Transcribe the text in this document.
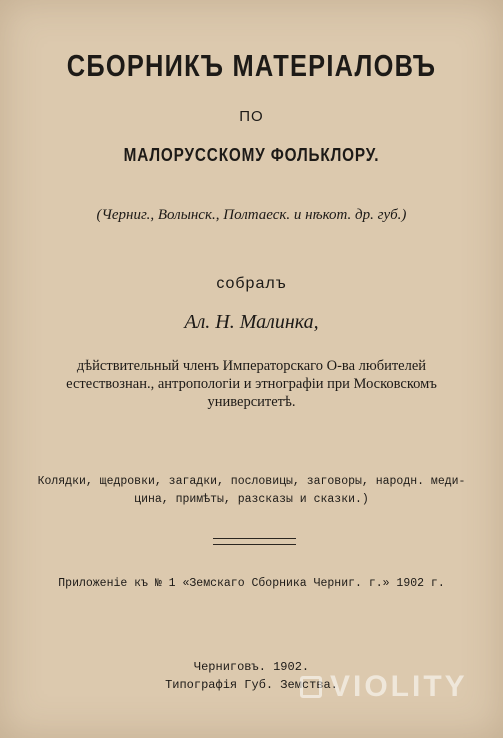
СБОРНИКЪ МАТЕРІАЛОВЪ
ПО
МАЛОРУССКОМУ ФОЛЬКЛОРУ.
(Черниг., Волынск., Полтаеск. и нѣкот. др. губ.)
собралъ
Ал. Н. Малинка,
дѣйствительный членъ Императорскаго О-ва любителей
естествознан., антропологіи и этнографіи при Московскомъ
университетѣ.
Колядки, щедровки, загадки, пословицы, заговоры, народн. меди-
цина, примѣты, разсказы и сказки.)
Приложеніе къ № 1 «Земскаго Сборника Черниг. г.» 1902 г.
Черниговъ. 1902.
Типографія Губ. Земства.
VIOLITY
